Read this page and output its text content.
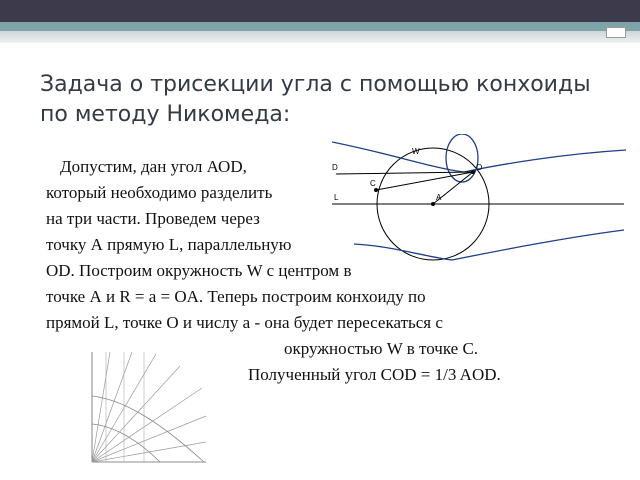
Задача о трисекции угла с помощью конхоиды по методу Никомеда:
Допустим, дан угол АОD,
который необходимо разделить
на три части. Проведем через
точку А прямую L, параллельную
OD. Построим окружность W с центром в
точке А и R = a = OA. Теперь построим конхоиду по
прямой L, точке О и числу a - она будет пересекаться с
окружностью W в точке С.
Полученный угол COD = 1/3 AOD.
W
O
C
L	A
D
